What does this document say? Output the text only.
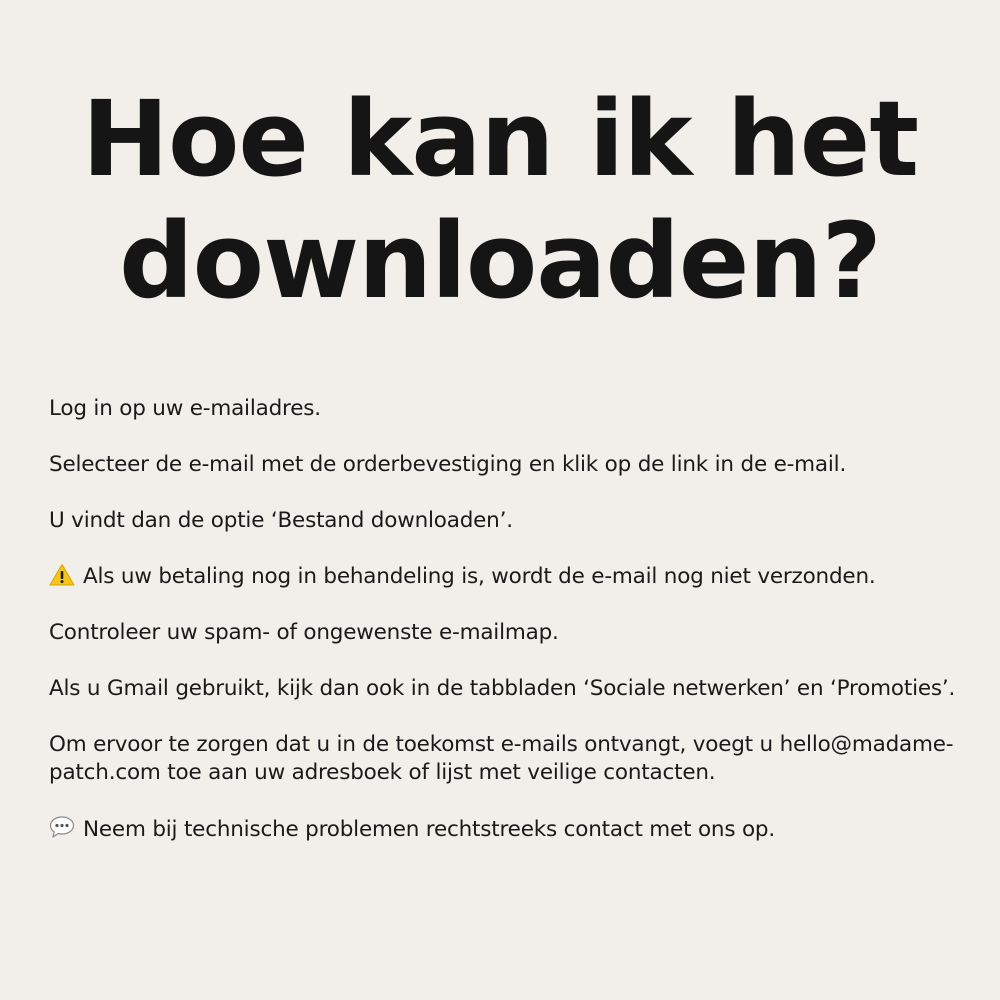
Hoe kan ik het downloaden?

Log in op uw e-mailadres.

Selecteer de e-mail met de orderbevestiging en klik op de link in de e-mail.

U vindt dan de optie ‘Bestand downloaden’.

Als uw betaling nog in behandeling is, wordt de e-mail nog niet verzonden.

Controleer uw spam- of ongewenste e-mailmap.

Als u Gmail gebruikt, kijk dan ook in de tabbladen ‘Sociale netwerken’ en ‘Promoties’.

Om ervoor te zorgen dat u in de toekomst e-mails ontvangt, voegt u hello@madame-patch.com toe aan uw adresboek of lijst met veilige contacten.

Neem bij technische problemen rechtstreeks contact met ons op.
